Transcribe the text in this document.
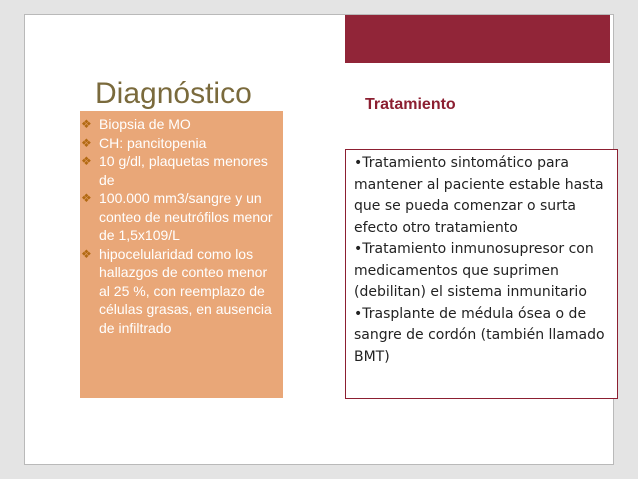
Diagnóstico	Tratamiento
❖ Biopsia de MO
❖ CH: pancitopenia
❖ 10 g/dl, plaquetas menores de
❖ 100.000 mm3/sangre y un conteo de neutrófilos menor de 1,5x109/L
❖ hipocelularidad como los hallazgos de conteo menor al 25 %, con reemplazo de células grasas, en ausencia de infiltrado

•Tratamiento sintomático para mantener al paciente estable hasta que se pueda comenzar o surta efecto otro tratamiento

•Tratamiento inmunosupresor con medicamentos que suprimen (debilitan) el sistema inmunitario

•Trasplante de médula ósea o de sangre de cordón (también llamado BMT)
